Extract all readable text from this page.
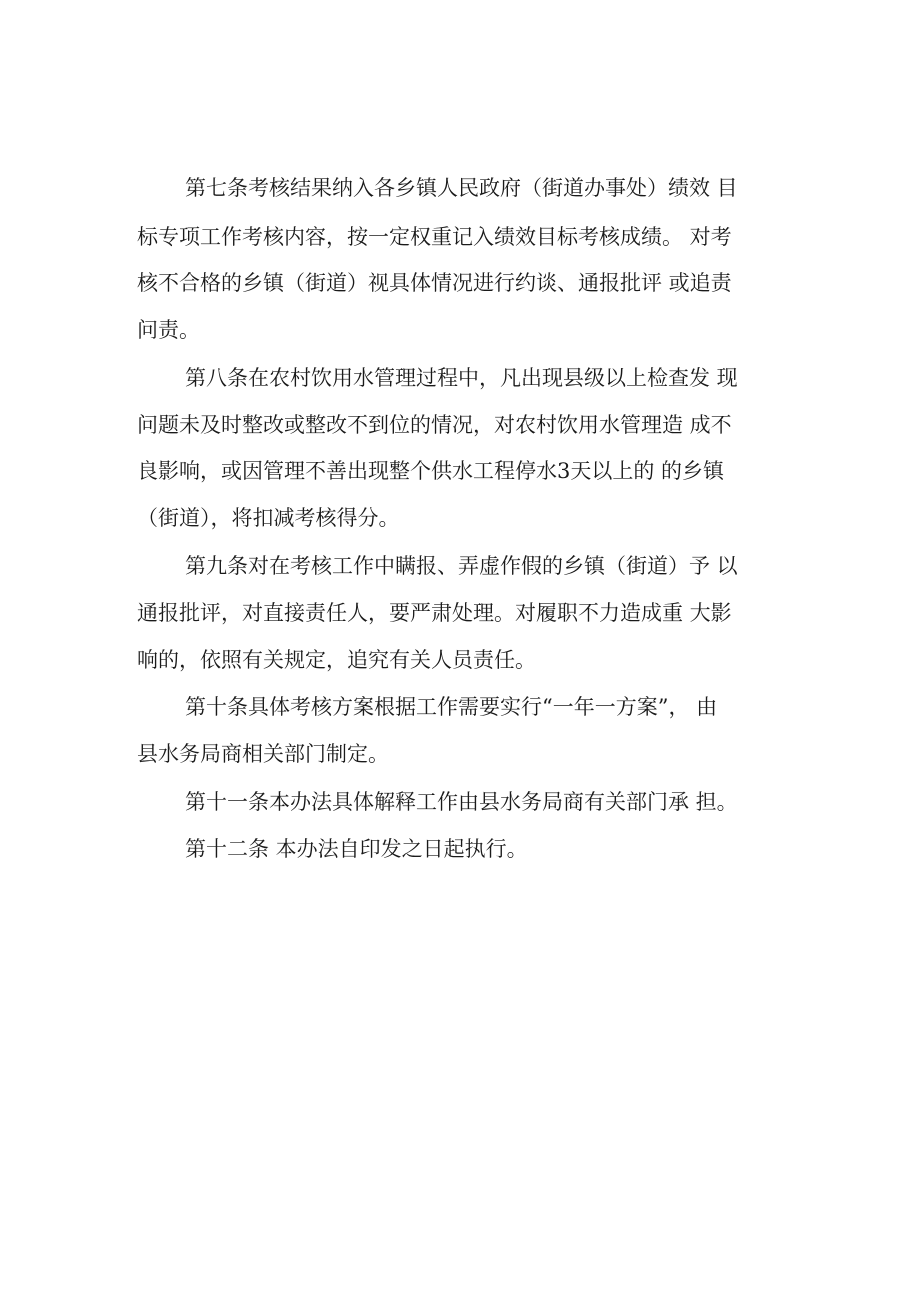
第七条考核结果纳入各乡镇人民政府（街道办事处）绩效 目
标专项工作考核内容，按一定权重记入绩效目标考核成绩。 对考
核不合格的乡镇（街道）视具体情况进行约谈、通报批评 或追责
问责。
第八条在农村饮用水管理过程中，凡出现县级以上检查发 现
问题未及时整改或整改不到位的情况，对农村饮用水管理造 成不
良影响，或因管理不善出现整个供水工程停水3天以上的 的乡镇
（街道），将扣减考核得分。
第九条对在考核工作中瞒报、弄虚作假的乡镇（街道）予 以
通报批评，对直接责任人，要严肃处理。对履职不力造成重 大影
响的，依照有关规定，追究有关人员责任。
第十条具体考核方案根据工作需要实行“一年一方案”， 由
县水务局商相关部门制定。
第十一条本办法具体解释工作由县水务局商有关部门承 担。
第十二条 本办法自印发之日起执行。
